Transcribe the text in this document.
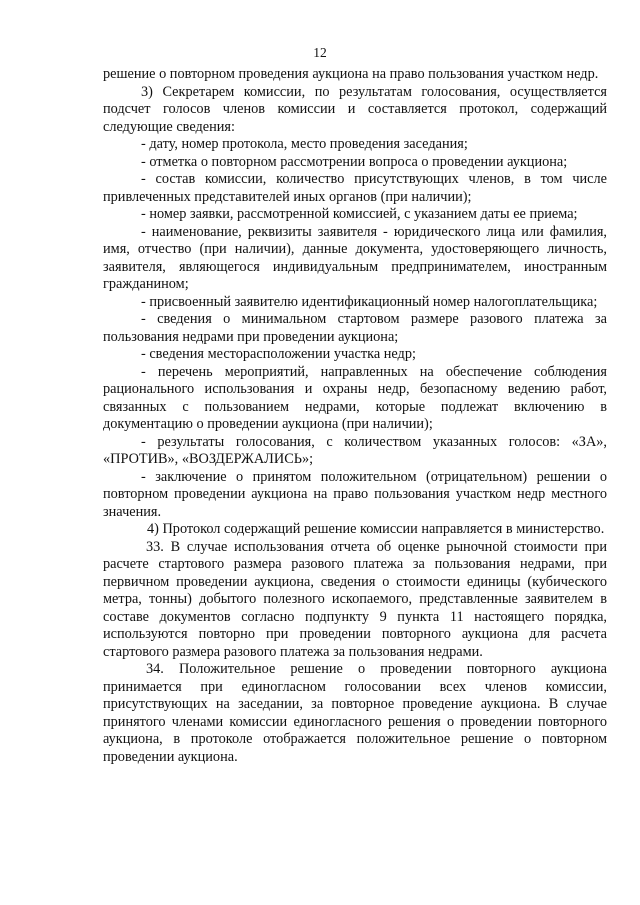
12

решение о повторном проведения аукциона на право пользования участком недр.

3) Секретарем комиссии, по результатам голосования, осуществляется подсчет голосов членов комиссии и составляется протокол, содержащий следующие сведения:

- дату, номер протокола, место проведения заседания;

- отметка о повторном рассмотрении вопроса о проведении аукциона;

- состав комиссии, количество присутствующих членов, в том числе привлеченных представителей иных органов (при наличии);

- номер заявки, рассмотренной комиссией, с указанием даты ее приема;

- наименование, реквизиты заявителя - юридического лица или фамилия, имя, отчество (при наличии), данные документа, удостоверяющего личность, заявителя, являющегося индивидуальным предпринимателем, иностранным гражданином;

- присвоенный заявителю идентификационный номер налогоплательщика;

- сведения о минимальном стартовом размере разового платежа за пользования недрами при проведении аукциона;

- сведения месторасположении участка недр;

- перечень мероприятий, направленных на обеспечение соблюдения рационального использования и охраны недр, безопасному ведению работ, связанных с пользованием недрами, которые подлежат включению в документацию о проведении аукциона (при наличии);

- результаты голосования, с количеством указанных голосов: «ЗА», «ПРОТИВ», «ВОЗДЕРЖАЛИСЬ»;

- заключение о принятом положительном (отрицательном) решении о повторном проведении аукциона на право пользования участком недр местного значения.

4) Протокол содержащий решение комиссии направляется в министерство.

33. В случае использования отчета об оценке рыночной стоимости при расчете стартового размера разового платежа за пользования недрами, при первичном проведении аукциона, сведения о стоимости единицы (кубического метра, тонны) добытого полезного ископаемого, представленные заявителем в составе документов согласно подпункту 9 пункта 11 настоящего порядка, используются повторно при проведении повторного аукциона для расчета стартового размера разового платежа за пользования недрами.

34. Положительное решение о проведении повторного аукциона принимается при единогласном голосовании всех членов комиссии, присутствующих на заседании, за повторное проведение аукциона. В случае принятого членами комиссии единогласного решения о проведении повторного аукциона, в протоколе отображается положительное решение о повторном проведении аукциона.
